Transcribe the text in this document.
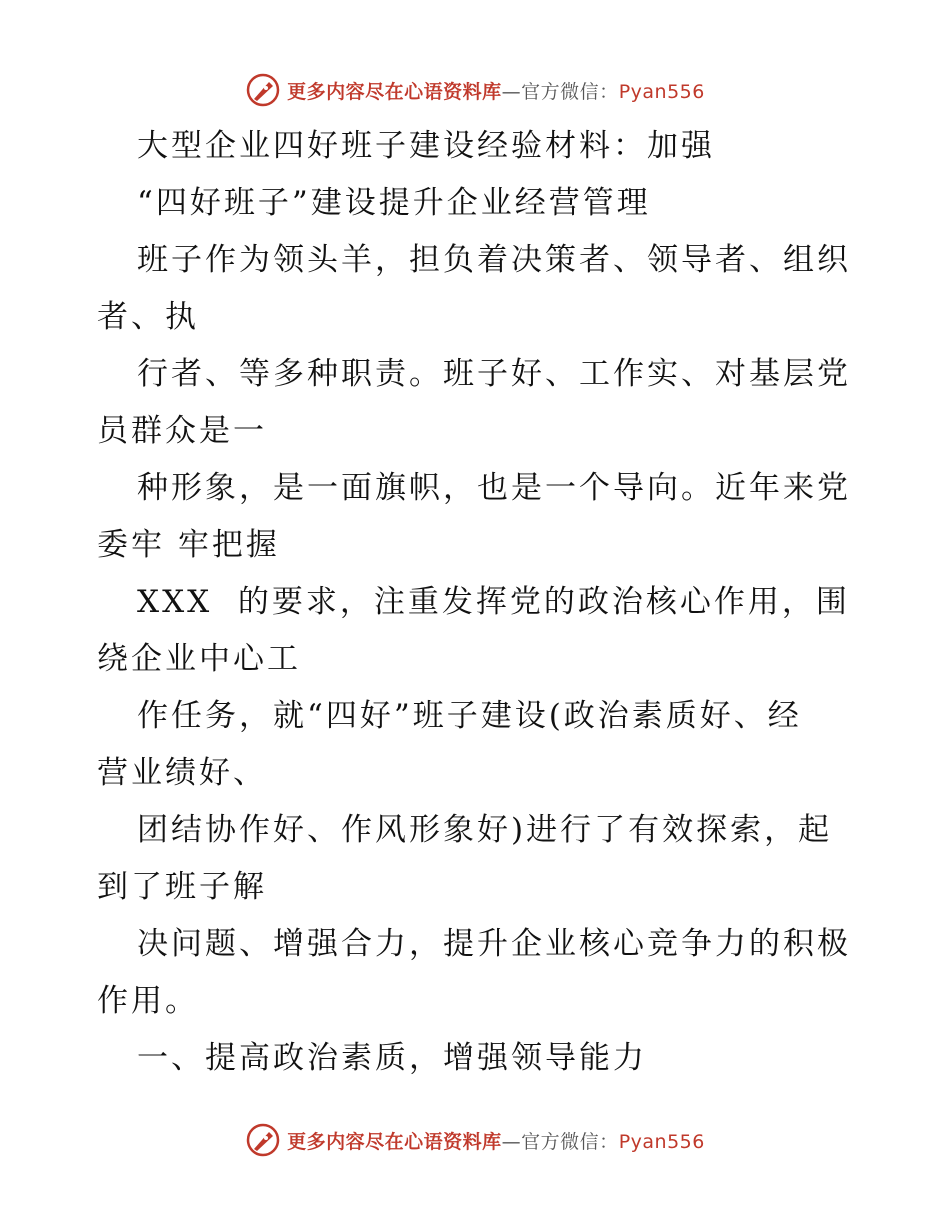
更多内容尽在心语资料库—官方微信：Pyan556
大型企业四好班子建设经验材料：加强
“四好班子”建设提升企业经营管理
班子作为领头羊，担负着决策者、领导者、组织
者、执
行者、等多种职责。班子好、工作实、对基层党
员群众是一
种形象，是一面旗帜，也是一个导向。近年来党
委牢 牢把握
XXX  的要求，注重发挥党的政治核心作用，围
绕企业中心工
作任务，就“四好”班子建设(政治素质好、经
营业绩好、
团结协作好、作风形象好)进行了有效探索，起
到了班子解
决问题、增强合力，提升企业核心竞争力的积极
作用。
一、提高政治素质，增强领导能力
更多内容尽在心语资料库—官方微信：Pyan556
